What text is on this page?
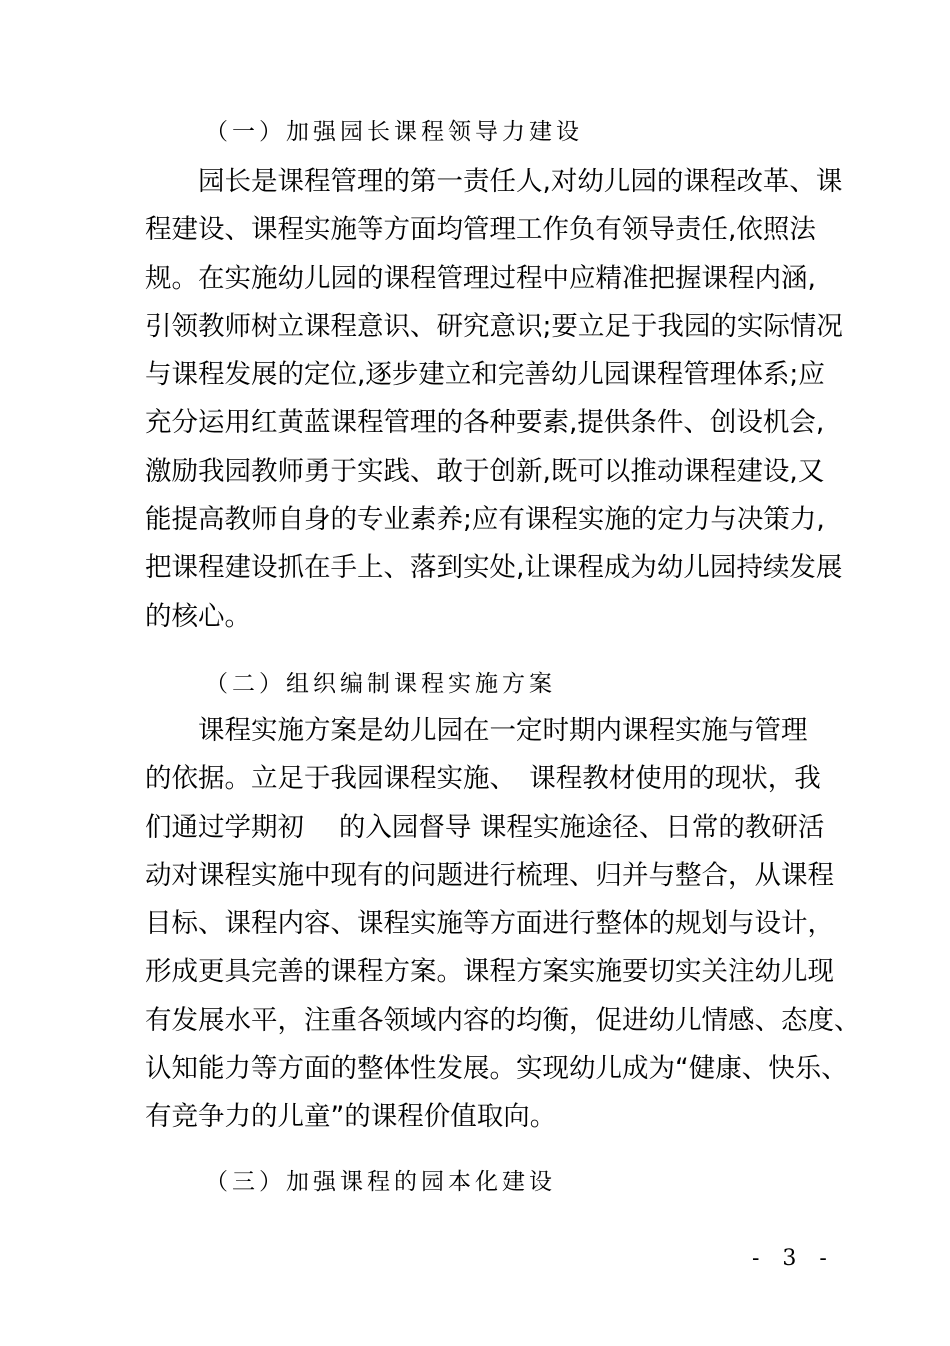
（一）加强园长课程领导力建设
　　园长是课程管理的第一责任人,对幼儿园的课程改革、课
程建设、课程实施等方面均管理工作负有领导责任,依照法
规。在实施幼儿园的课程管理过程中应精准把握课程内涵,
引领教师树立课程意识、研究意识;要立足于我园的实际情况
与课程发展的定位,逐步建立和完善幼儿园课程管理体系;应
充分运用红黄蓝课程管理的各种要素,提供条件、创设机会,
激励我园教师勇于实践、敢于创新,既可以推动课程建设,又
能提高教师自身的专业素养;应有课程实施的定力与决策力,
把课程建设抓在手上、落到实处,让课程成为幼儿园持续发展
的核心。
（二）组织编制课程实施方案
　　课程实施方案是幼儿园在一定时期内课程实施与管理
的依据。立足于我园课程实施、　课程教材使用的现状，我
们通过学期初　 的入园督导 课程实施途径、日常的教研活
动对课程实施中现有的问题进行梳理、归并与整合，从课程
目标、课程内容、课程实施等方面进行整体的规划与设计，
形成更具完善的课程方案。课程方案实施要切实关注幼儿现
有发展水平，注重各领域内容的均衡，促进幼儿情感、态度、
认知能力等方面的整体性发展。实现幼儿成为“健康、快乐、
有竞争力的儿童”的课程价值取向。
（三）加强课程的园本化建设
- 3 -
